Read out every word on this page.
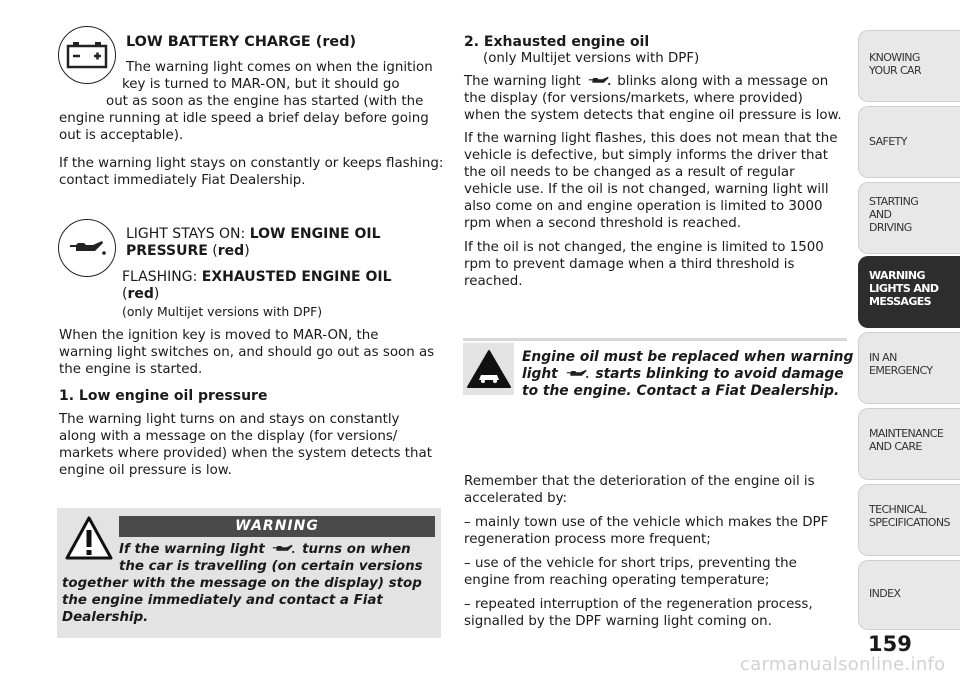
LOW BATTERY CHARGE (red)
The warning light comes on when the ignition
key is turned to MAR-ON, but it should go
out as soon as the engine has started (with the
engine running at idle speed a brief delay before going
out is acceptable).
If the warning light stays on constantly or keeps flashing:
contact immediately Fiat Dealership.
LIGHT STAYS ON: LOW ENGINE OIL
PRESSURE (red)
FLASHING: EXHAUSTED ENGINE OIL
(red)
(only Multijet versions with DPF)
When the ignition key is moved to MAR-ON, the
warning light switches on, and should go out as soon as
the engine is started.
1. Low engine oil pressure
The warning light turns on and stays on constantly
along with a message on the display (for versions/
markets where provided) when the system detects that
engine oil pressure is low.
WARNING
If the warning light  turns on when
the car is travelling (on certain versions
together with the message on the display) stop
the engine immediately and contact a Fiat
Dealership.
2. Exhausted engine oil
(only Multijet versions with DPF)
The warning light  blinks along with a message on
the display (for versions/markets, where provided)
when the system detects that engine oil pressure is low.
If the warning light flashes, this does not mean that the
vehicle is defective, but simply informs the driver that
the oil needs to be changed as a result of regular
vehicle use. If the oil is not changed, warning light will
also come on and engine operation is limited to 3000
rpm when a second threshold is reached.
If the oil is not changed, the engine is limited to 1500
rpm to prevent damage when a third threshold is
reached.
Engine oil must be replaced when warning
light  starts blinking to avoid damage
to the engine. Contact a Fiat Dealership.
Remember that the deterioration of the engine oil is
accelerated by:
– mainly town use of the vehicle which makes the DPF
regeneration process more frequent;
– use of the vehicle for short trips, preventing the
engine from reaching operating temperature;
– repeated interruption of the regeneration process,
signalled by the DPF warning light coming on.
KNOWING
YOUR CAR
SAFETY
STARTING
AND
DRIVING
WARNING
LIGHTS AND
MESSAGES
IN AN
EMERGENCY
MAINTENANCE
AND CARE
TECHNICAL
SPECIFICATIONS
INDEX
159
carmanualsonline.info
